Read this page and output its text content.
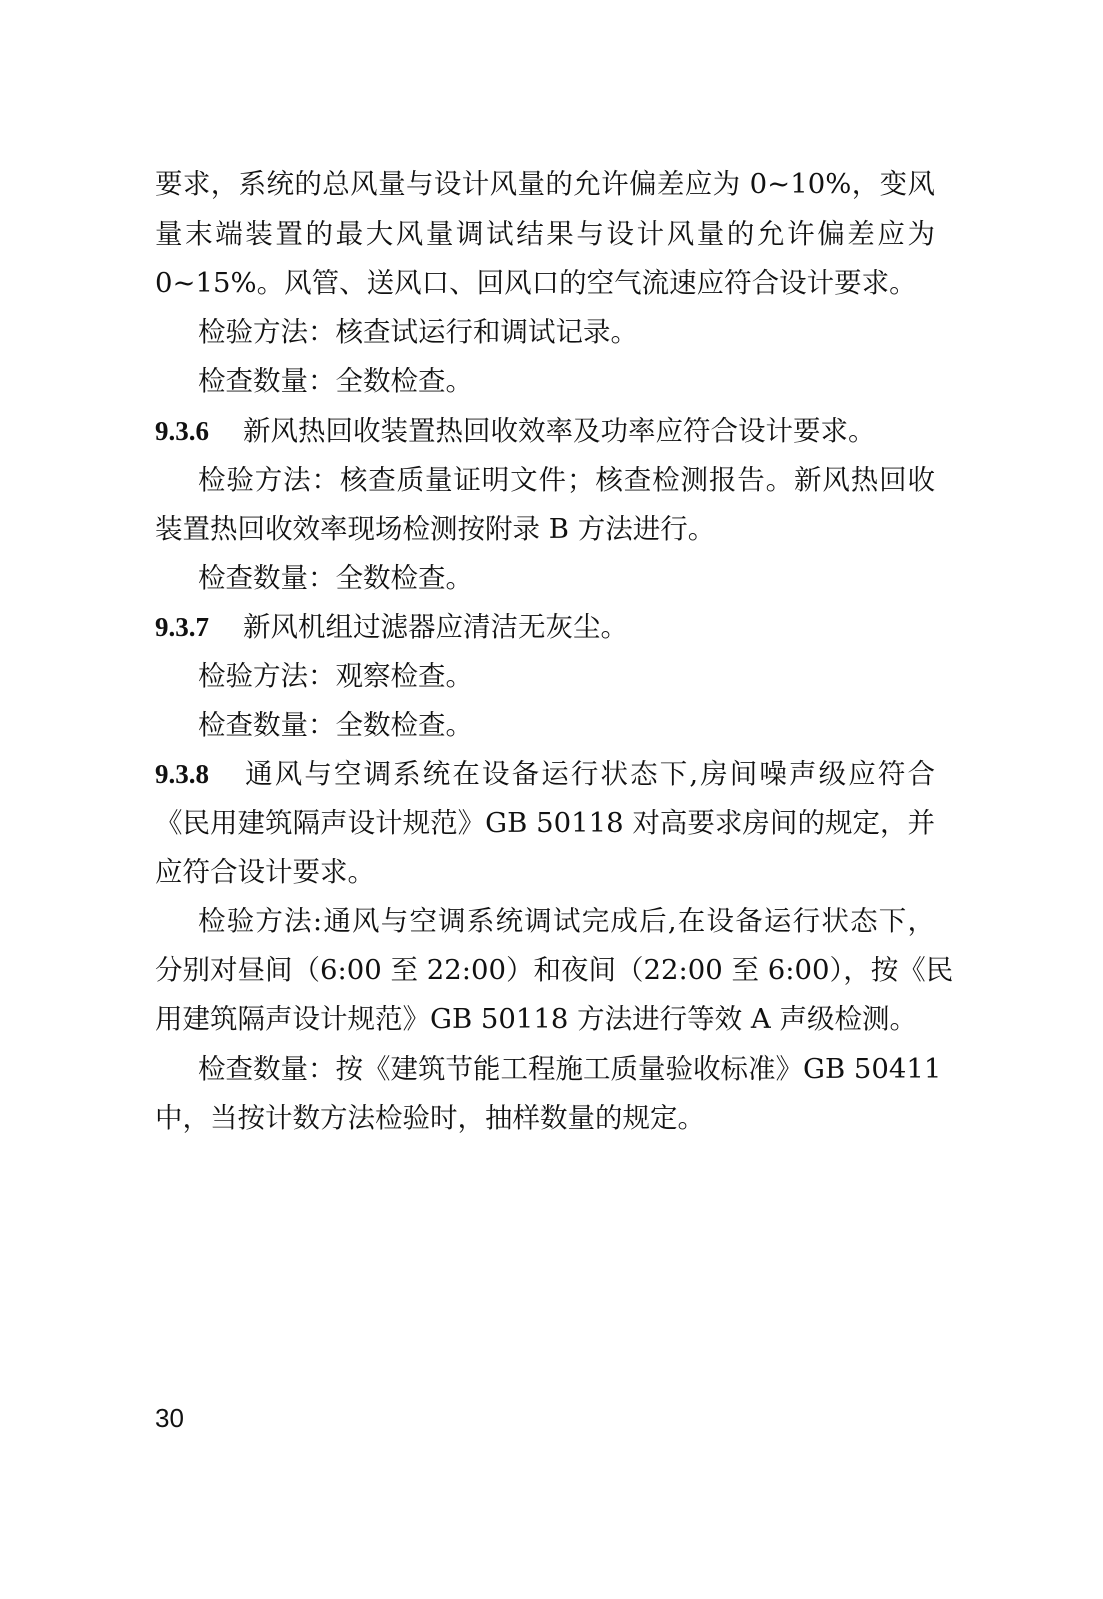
要求，系统的总风量与设计风量的允许偏差应为 0~10%，变风
量末端装置的最大风量调试结果与设计风量的允许偏差应为
0~15%。风管、送风口、回风口的空气流速应符合设计要求。
检验方法：核查试运行和调试记录。
检查数量：全数检查。
9.3.6 新风热回收装置热回收效率及功率应符合设计要求。
检验方法：核查质量证明文件；核查检测报告。新风热回收
装置热回收效率现场检测按附录 B 方法进行。
检查数量：全数检查。
9.3.7 新风机组过滤器应清洁无灰尘。
检验方法：观察检查。
检查数量：全数检查。
9.3.8 通风与空调系统在设备运行状态下,房间噪声级应符合
《民用建筑隔声设计规范》GB 50118 对高要求房间的规定，并
应符合设计要求。
检验方法:通风与空调系统调试完成后,在设备运行状态下，
分别对昼间（6:00 至 22:00）和夜间（22:00 至 6:00），按《民
用建筑隔声设计规范》GB 50118 方法进行等效 A 声级检测。
检查数量：按《建筑节能工程施工质量验收标准》GB 50411
中，当按计数方法检验时，抽样数量的规定。
30
